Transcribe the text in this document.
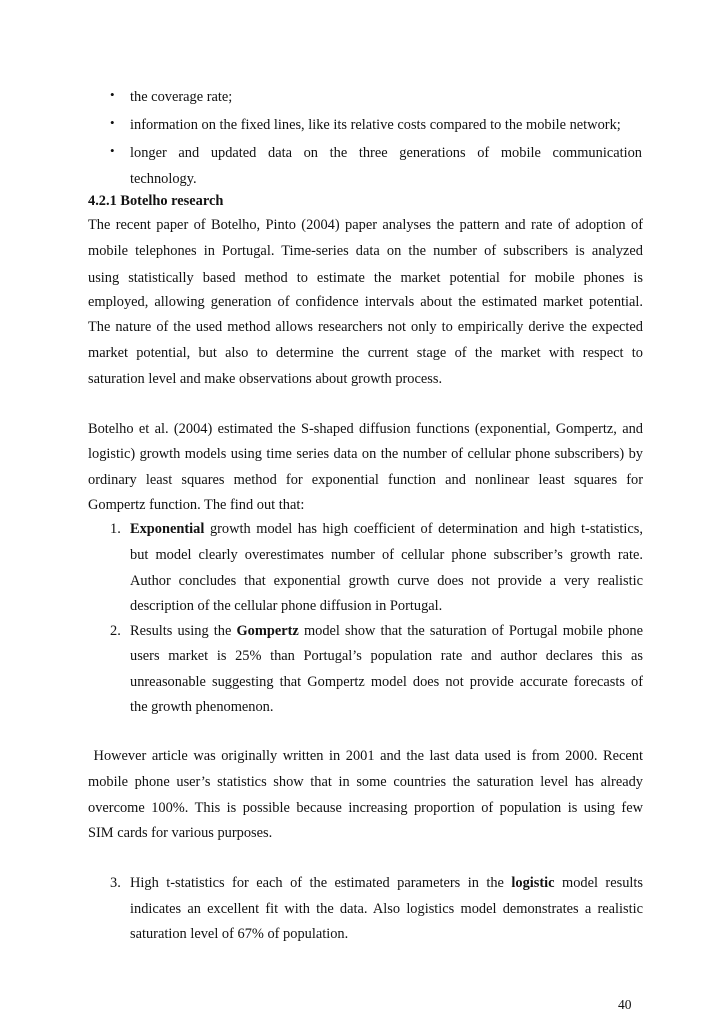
• the coverage rate;
• information on the fixed lines, like its relative costs compared to the mobile network;
• longer and updated data on the three generations of mobile communication
technology.
4.2.1 Botelho research
The recent paper of Botelho, Pinto (2004) paper analyses the pattern and rate of adoption of
mobile telephones in Portugal. Time-series data on the number of subscribers is analyzed
using statistically based method to estimate the market potential for mobile phones is
employed, allowing generation of confidence intervals about the estimated market potential.
The nature of the used method allows researchers not only to empirically derive the expected
market potential, but also to determine the current stage of the market with respect to
saturation level and make observations about growth process.
Botelho et al. (2004) estimated the S-shaped diffusion functions (exponential, Gompertz, and
logistic) growth models using time series data on the number of cellular phone subscribers) by
ordinary least squares method for exponential function and nonlinear least squares for
Gompertz function. The find out that:
1. Exponential growth model has high coefficient of determination and high t-statistics,
but model clearly overestimates number of cellular phone subscriber’s growth rate.
Author concludes that exponential growth curve does not provide a very realistic
description of the cellular phone diffusion in Portugal.
2. Results using the Gompertz model show that the saturation of Portugal mobile phone
users market is 25% than Portugal’s population rate and author declares this as
unreasonable suggesting that Gompertz model does not provide accurate forecasts of
the growth phenomenon.
However article was originally written in 2001 and the last data used is from 2000. Recent
mobile phone user’s statistics show that in some countries the saturation level has already
overcome 100%. This is possible because increasing proportion of population is using few
SIM cards for various purposes.
3. High t-statistics for each of the estimated parameters in the logistic model results
indicates an excellent fit with the data. Also logistics model demonstrates a realistic
saturation level of 67% of population.
40
